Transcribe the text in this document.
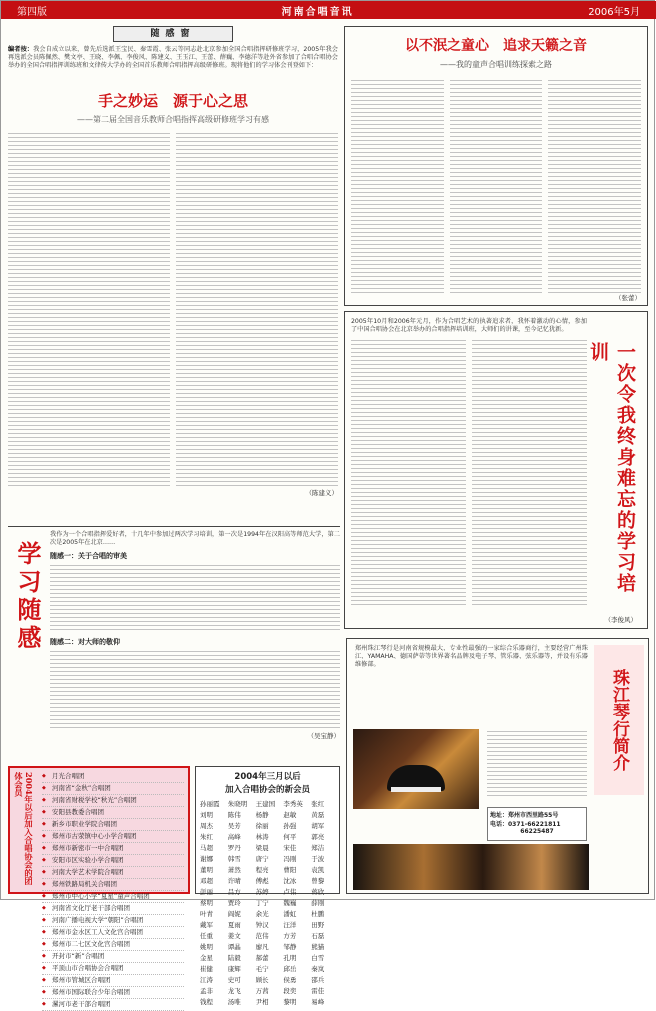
第四版	河南合唱音讯	2006年5月
随感窗
编者按：我会自成立以来，曾先后选派王宝民、秦雪霞、张云等同志赴北京参加全国合唱指挥研修班学习，2005年我会再选派会员陈佩然、樊文亭、王晓、李佩、李俊风、陈建义、王玉江、王蕾、薛巍、李德洋等赴外省参加了合唱合唱协会举办的全国合唱指挥训练班和文律传大学办的全国首乐教师合唱指挥高级研修班。现将他们的学习体会刊登如下：
手之妙运　源于心之思
——第二届全国音乐教师合唱指挥高级研修班学习有感
（陈建义）
以不泯之童心　追求天籁之音
——我的童声合唱训练探索之路
（张蕾）
2005年10月和2006年元月，作为合唱艺术的执著追求者，我怀着激动的心情，参加了中国合唱协会在北京举办的合唱指挥培训班，大师们的讲课，至今记忆犹新。
一次令我终身难忘的学习培训
（李俊风）
学习随感
我作为一个合唱指挥爱好者，十几年中参加过两次学习培训，第一次是1994年在汉阳高等师范大学，第二次是2005年在北京……
随感一：关于合唱的审美
随感二：对大师的敬仰
（吴宝静）
2004年以后加入合唱协会的团体会员
◆	月光合唱团
◆ 河南省“金秋”合唱团
◆ 河南省财税学校“秋光”合唱团
◆ 安阳县教委合唱团
◆ 新乡市职业学院合唱团
◆ 郑州市古荥镇中心小学合唱团
◆ 郑州市新密市一中合唱团
◆ 安阳市区实验小学合唱团
◆ 河南大学艺术学院合唱团
◆ 郑州铁路局机关合唱团
◆ 郑州市中心小学“夏星”童声合唱团
◆ 河南省文化厅老干部合唱团
◆ 河南广播电视大学“朝阳”合唱团
◆ 郑州市金水区工人文化宫合唱团
◆ 郑州市二七区文化宫合唱团
◆ 开封市“新”合唱团
◆ 平顶山市合唱协会合唱团
◆ 郑州市管城区合唱团
◆ 郑州市国际联合少年合唱团
◆ 漯河市老干部合唱团
2004年三月以后
加入合唱协会的新会员
孙丽霞	朱晓明	王建国	李秀英	张红
刘明	陈伟	杨静	赵敏	黄磊
周杰	吴芳	徐丽	孙强	胡军
朱红	高峰	林涛	何平	郭亮
马超	罗丹	梁晨	宋佳	郑洁
谢娜	韩雪	唐宁	冯刚	于波
董明	萧然	程亮	曹阳	袁凯
邓超	许晴	傅彪	沈冰	曾黎
彭丽	吕方	苏婷	卢伟	蒋欣
蔡明	贾玲	丁宁	魏巍	薛刚
叶青	阎妮	余光	潘虹	杜鹏
戴军	夏雨	钟汉	汪洋	田野
任重	姜文	范伟	方芳	石磊
姚明	谭晶	廖凡	邹静	熊猫
金星	陆毅	郝蕾	孔明	白雪
崔健	康辉	毛宁	邱岳	秦岚
江涛	史可	顾长	侯勇	邵兵
孟非	龙飞	万茜	段奕	雷佳
钱程	汤唯	尹相	黎明	易峰
郑州珠江琴行是河南省规模最大、专业性最强的一家综合乐器商行，主要经营广州珠江、YAMAHA、德国萨蒂等世界著名品牌及电子琴、管乐器、弦乐器等，并设有乐器维修部。
地址：郑州市西里路55号
电话：0371-66221811
66225487
珠江琴行简介
